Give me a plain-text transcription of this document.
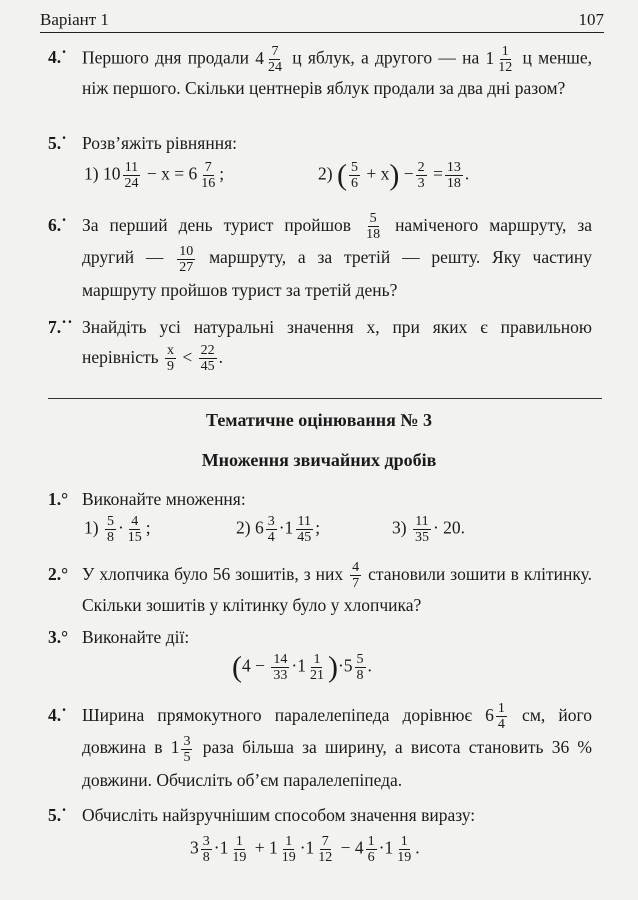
Варіант 1	107
4.˙ Першого дня продали $4 \frac{7}{24}$ ц яблук, а другого — на $1 \frac{1}{12}$ ц менше, ніж першого. Скільки центнерів яблук продали за два дні разом?
5.˙ Розв’яжіть рівняння:
1) $10 \frac{11}{24} - x = 6 \frac{7}{16}$ ;	2) ( $\frac{5}{6} + x) - \frac{2}{3} = \frac{13}{18}$ .
6.˙ За перший день турист пройшов $\frac{5}{18}$ наміченого маршруту, за другий — $\frac{10}{27}$ маршруту, а за третій — решту. Яку частину маршруту пройшов турист за третій день?
7.˙˙ Знайдіть усі натуральні значення x, при яких є правильною нерівність $\frac{x}{9} < \frac{22}{45}$ .
Тематичне оцінювання № 3
Множення звичайних дробів
1.° Виконайте множення:
$1) \frac{5}{8} \cdot \frac{4}{15}$ ;	2) $6 \frac{3}{4} \cdot 1 \frac{11}{45}$ ;	$3) \frac{11}{35} \cdot 20$.
2.° У хлопчика було 56 зошитів, з них $\frac{4}{7}$ становили зошити в клітинку. Скільки зошитів у клітинку було у хлопчика?
3.° Виконайте дії:
$(4 - \frac{14}{33} \cdot 1 \frac{1}{21} )\cdot 5 \frac{5}{8}$ .
4.˙ Ширина прямокутного паралелепіпеда дорівнює $6 \frac{1}{4}$ см, його довжина в $1 \frac{3}{5}$ раза більша за ширину, а висота становить 36 % довжини. Обчисліть об’єм паралелепіпеда.
5.˙ Обчисліть найзручнішим способом значення виразу:
$3 \frac{3}{8} \cdot 1 \frac{1}{19} + 1 \frac{1}{19} \cdot 1 \frac{7}{12} - 4 \frac{1}{6} \cdot 1 \frac{1}{19}$ .
